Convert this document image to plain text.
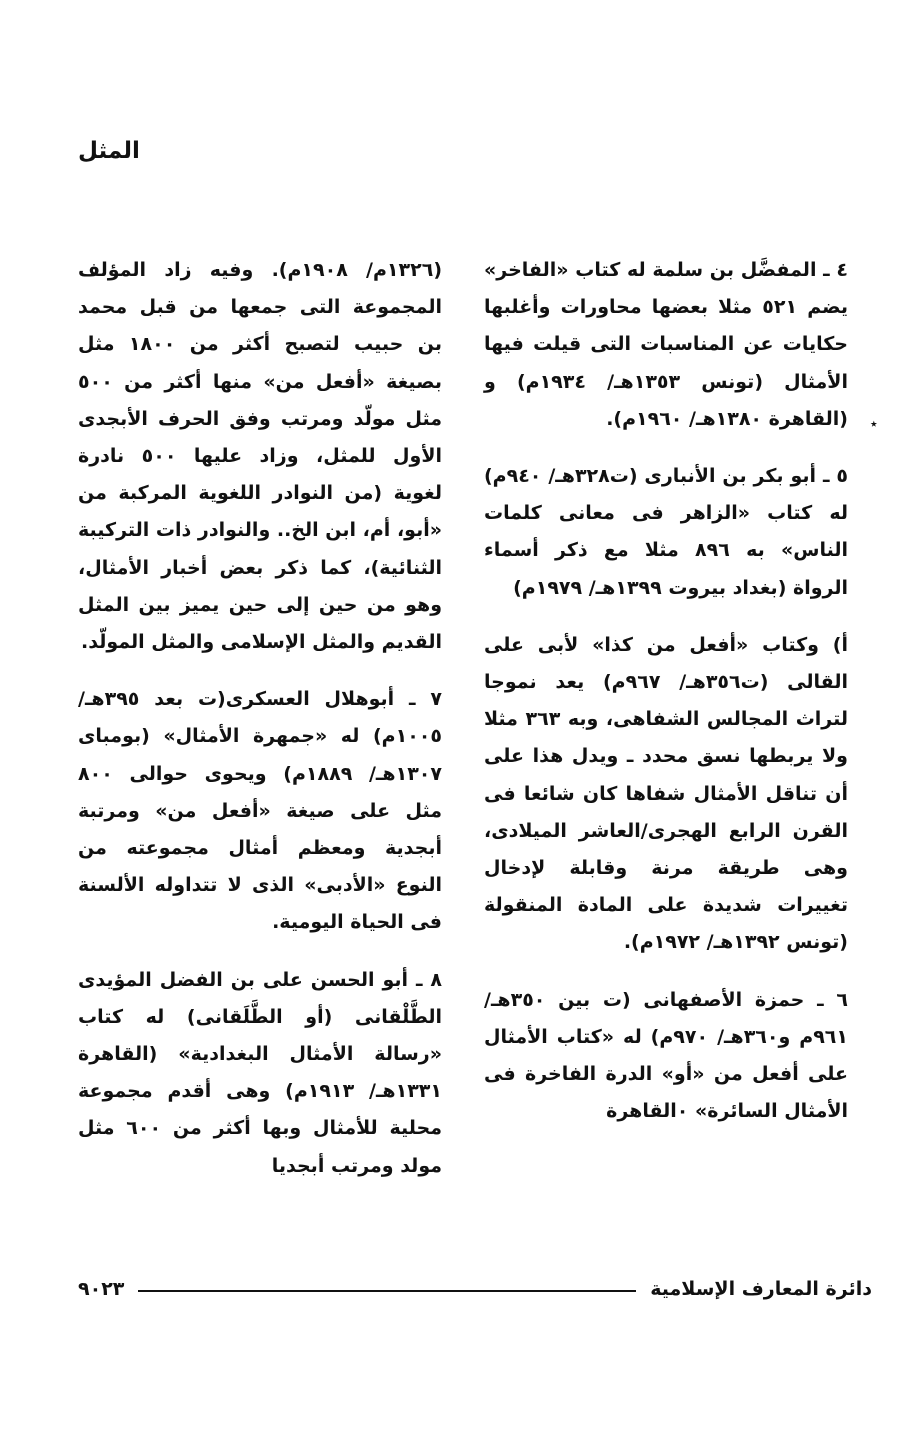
المثل
٭

٤ ـ المفضَّل بن سلمة له كتاب «الفاخر» يضم ٥٢١ مثلا بعضها محاورات وأغلبها حكايات عن المناسبات التى قيلت فيها الأمثال (تونس ١٣٥٣هـ/ ١٩٣٤م) و (القاهرة ١٣٨٠هـ/ ١٩٦٠م).

٥ ـ أبو بكر بن الأنبارى (ت٣٢٨هـ/ ٩٤٠م) له كتاب «الزاهر فى معانى كلمات الناس» به ٨٩٦ مثلا مع ذكر أسماء الرواة (بغداد بيروت ١٣٩٩هـ/ ١٩٧٩م)

أ) وكتاب «أفعل من كذا» لأبى على القالى (ت٣٥٦هـ/ ٩٦٧م) يعد نموجا لتراث المجالس الشفاهى، وبه ٣٦٣ مثلا ولا يربطها نسق محدد ـ ويدل هذا على أن تناقل الأمثال شفاها كان شائعا فى القرن الرابع الهجرى/العاشر الميلادى، وهى طريقة مرنة وقابلة لإدخال تغييرات شديدة على المادة المنقولة (تونس ١٣٩٢هـ/ ١٩٧٢م).

٦ ـ حمزة الأصفهانى (ت بين ٣٥٠هـ/ ٩٦١م و٣٦٠هـ/ ٩٧٠م) له «كتاب الأمثال على أفعل من «أو» الدرة الفاخرة فى الأمثال السائرة» ٠القاهرة

(١٣٢٦م/ ١٩٠٨م). وفيه زاد المؤلف المجموعة التى جمعها من قبل محمد بن حبيب لتصبح أكثر من ١٨٠٠ مثل بصيغة «أفعل من» منها أكثر من ٥٠٠ مثل مولّد ومرتب وفق الحرف الأبجدى الأول للمثل، وزاد عليها ٥٠٠ نادرة لغوية (من النوادر اللغوية المركبة من «أبو، أم، ابن الخ.. والنوادر ذات التركيبة الثنائية)، كما ذكر بعض أخبار الأمثال، وهو من حين إلى حين يميز بين المثل القديم والمثل الإسلامى والمثل المولّد.

٧ ـ أبوهلال العسكرى(ت بعد ٣٩٥هـ/ ١٠٠٥م) له «جمهرة الأمثال» (بومباى ١٣٠٧هـ/ ١٨٨٩م) ويحوى حوالى ٨٠٠ مثل على صيغة «أفعل من» ومرتبة أبجدية ومعظم أمثال مجموعته من النوع «الأدبى» الذى لا تتداوله الألسنة فى الحياة اليومية.

٨ ـ أبو الحسن على بن الفضل المؤيدى الطَّلْقانى (أو الطَّلَقانى) له كتاب «رسالة الأمثال البغدادية» (القاهرة ١٣٣١هـ/ ١٩١٣م) وهى أقدم مجموعة محلية للأمثال وبها أكثر من ٦٠٠ مثل مولد ومرتب أبجديا

٩٠٢٣	دائرة المعارف الإسلامية
